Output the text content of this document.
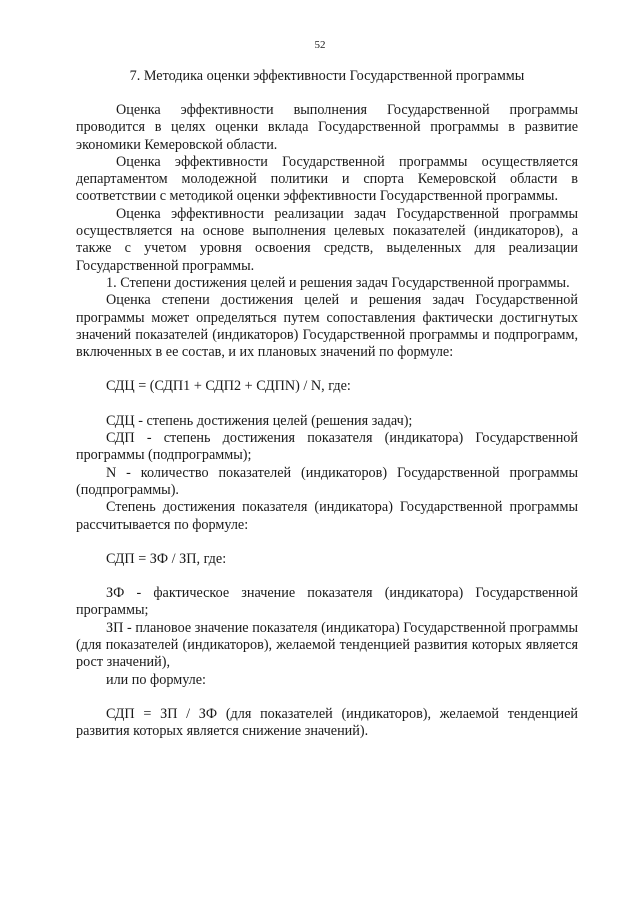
52
7. Методика оценки эффективности Государственной программы

Оценка эффективности выполнения Государственной программы проводится в целях оценки вклада Государственной программы в развитие экономики Кемеровской области.

Оценка эффективности Государственной программы осуществляется департаментом молодежной политики и спорта Кемеровской области в соответствии с методикой оценки эффективности Государственной программы.

Оценка эффективности реализации задач Государственной программы осуществляется на основе выполнения целевых показателей (индикаторов), а также с учетом уровня освоения средств, выделенных для реализации Государственной программы.

1. Степени достижения целей и решения задач Государственной программы.

Оценка степени достижения целей и решения задач Государственной программы может определяться путем сопоставления фактически достигнутых значений показателей (индикаторов) Государственной программы и подпрограмм, включенных в ее состав, и их плановых значений по формуле:

СДЦ = (СДП1 + СДП2 + СДПN) / N, где:

СДЦ - степень достижения целей (решения задач);

СДП - степень достижения показателя (индикатора) Государственной программы (подпрограммы);

N - количество показателей (индикаторов) Государственной программы (подпрограммы).

Степень достижения показателя (индикатора) Государственной программы рассчитывается по формуле:

СДП = ЗФ / ЗП, где:

ЗФ - фактическое значение показателя (индикатора) Государственной программы;

ЗП - плановое значение показателя (индикатора) Государственной программы (для показателей (индикаторов), желаемой тенденцией развития которых является рост значений),

или по формуле:

СДП = ЗП / ЗФ (для показателей (индикаторов), желаемой тенденцией развития которых является снижение значений).
